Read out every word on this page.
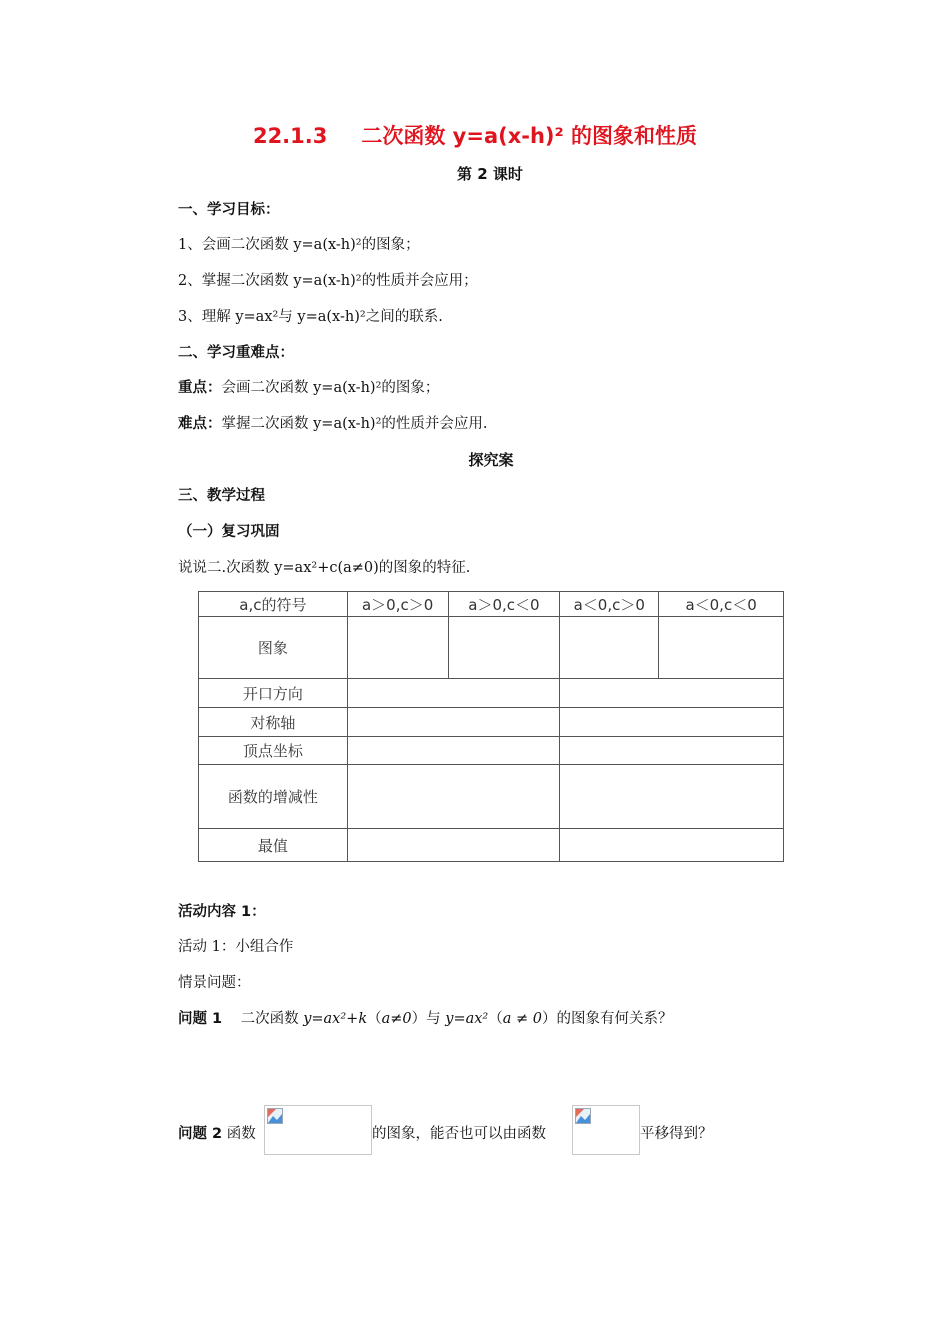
22.1.3 二次函数 y=a(x-h)² 的图象和性质
第 2 课时
一、学习目标：
1、会画二次函数 y=a(x-h)²的图象；
2、掌握二次函数 y=a(x-h)²的性质并会应用；
3、理解 y=ax²与 y=a(x-h)²之间的联系.
二、学习重难点：
重点：会画二次函数 y=a(x-h)²的图象；
难点：掌握二次函数 y=a(x-h)²的性质并会应用.
探究案
三、教学过程
（一）复习巩固
说说二.次函数 y=ax²+c(a≠0)的图象的特征.
a,c的符号	a＞0,c＞0	a＞0,c＜0	a＜0,c＞0	a＜0,c＜0
图象				
开口方向				
对称轴				
顶点坐标				
函数的增减性				
最值				
活动内容 1：
活动 1：小组合作
情景问题：
问题 1 二次函数 y=ax²+k（a≠0）与 y=ax²（a ≠ 0）的图象有何关系？
问题 2 函数	的图象，能否也可以由函数	平移得到？
